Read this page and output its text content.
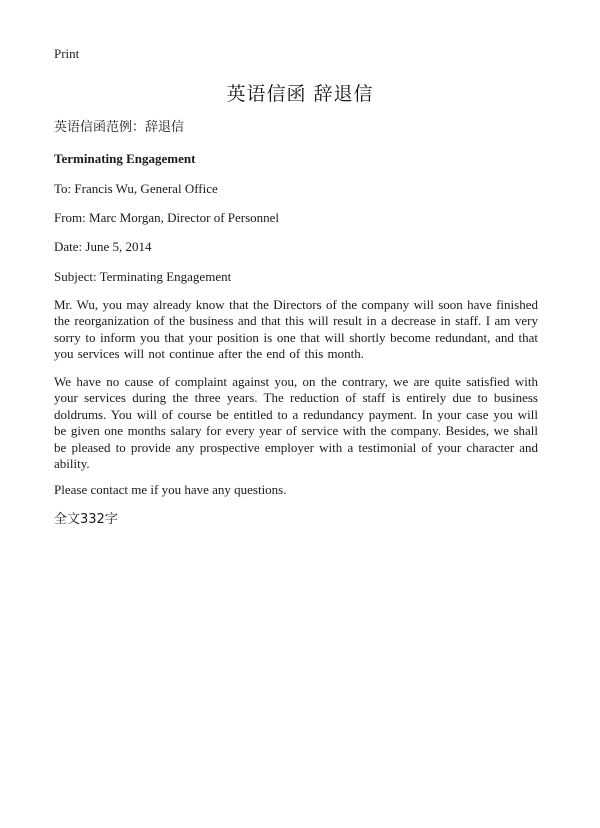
Print
英语信函 辞退信
英语信函范例：辞退信
Terminating Engagement
To: Francis Wu, General Office
From: Marc Morgan, Director of Personnel
Date: June 5, 2014
Subject: Terminating Engagement
Mr. Wu, you may already know that the Directors of the company will soon have finished the reorganization of the business and that this will result in a decrease in staff. I am very sorry to inform you that your position is one that will shortly become redundant, and that you services will not continue after the end of this month.
We have no cause of complaint against you, on the contrary, we are quite satisfied with your services during the three years. The reduction of staff is entirely due to business doldrums. You will of course be entitled to a redundancy payment. In your case you will be given one months salary for every year of service with the company. Besides, we shall be pleased to provide any prospective employer with a testimonial of your character and ability.
Please contact me if you have any questions.
全文332字
